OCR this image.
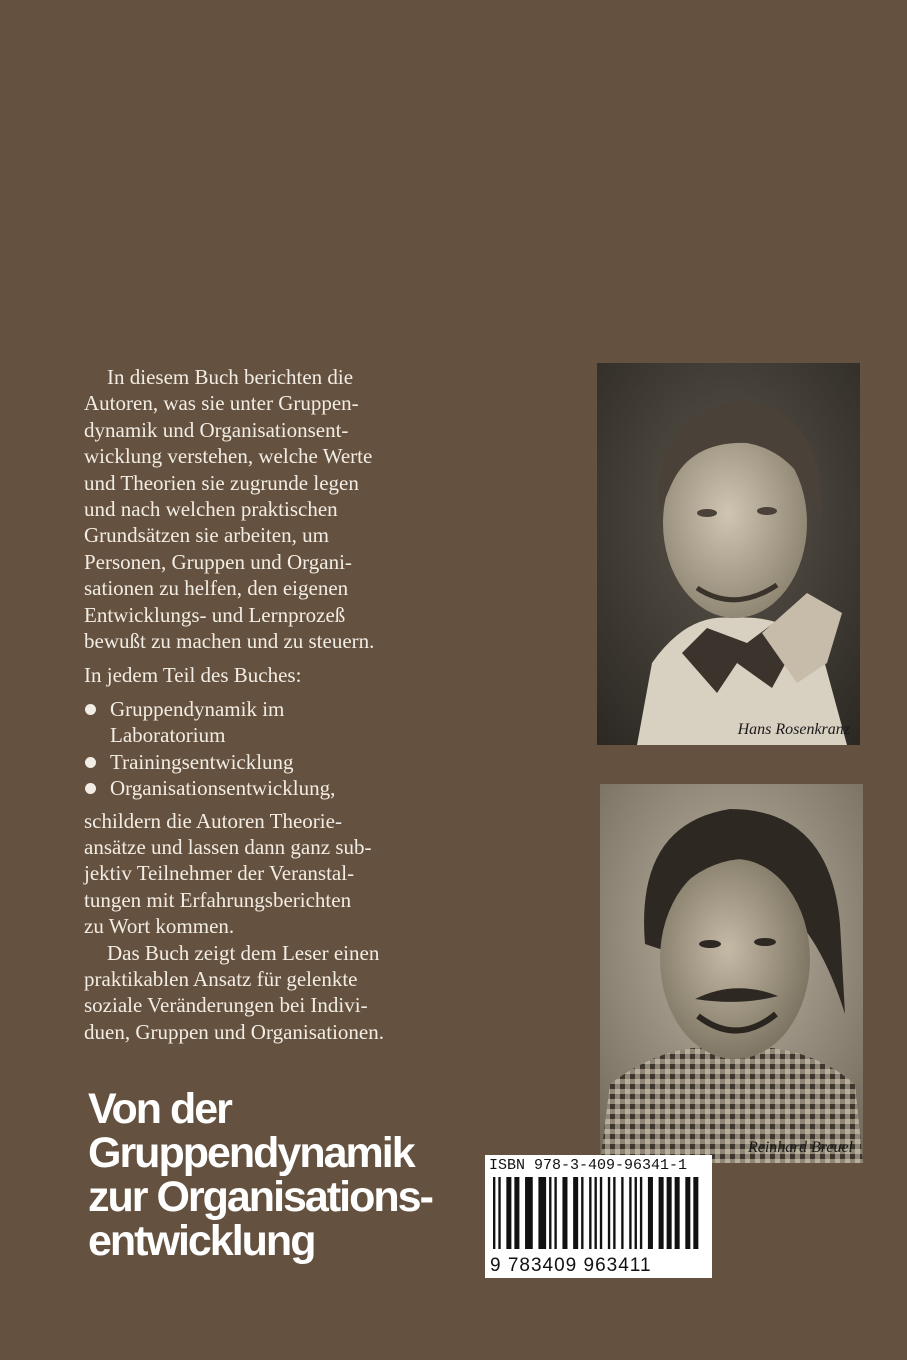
In diesem Buch berichten die
Autoren, was sie unter Gruppen-
dynamik und Organisationsent-
wicklung verstehen, welche Werte
und Theorien sie zugrunde legen
und nach welchen praktischen
Grundsätzen sie arbeiten, um
Personen, Gruppen und Organi-
sationen zu helfen, den eigenen
Entwicklungs- und Lernprozeß
bewußt zu machen und zu steuern.

In jedem Teil des Buches:

Gruppendynamik im
Laboratorium
Trainingsentwicklung
Organisationsentwicklung,

schildern die Autoren Theorie-
ansätze und lassen dann ganz sub-
jektiv Teilnehmer der Veranstal-
tungen mit Erfahrungsberichten
zu Wort kommen.

Das Buch zeigt dem Leser einen
praktikablen Ansatz für gelenkte
soziale Veränderungen bei Indivi-
duen, Gruppen und Organisationen.

Von der
Gruppendynamik
zur Organisations-
entwicklung
Hans Rosenkranz
Reinhard Breuel
ISBN 978-3-409-96341-1
9 783409 963411
